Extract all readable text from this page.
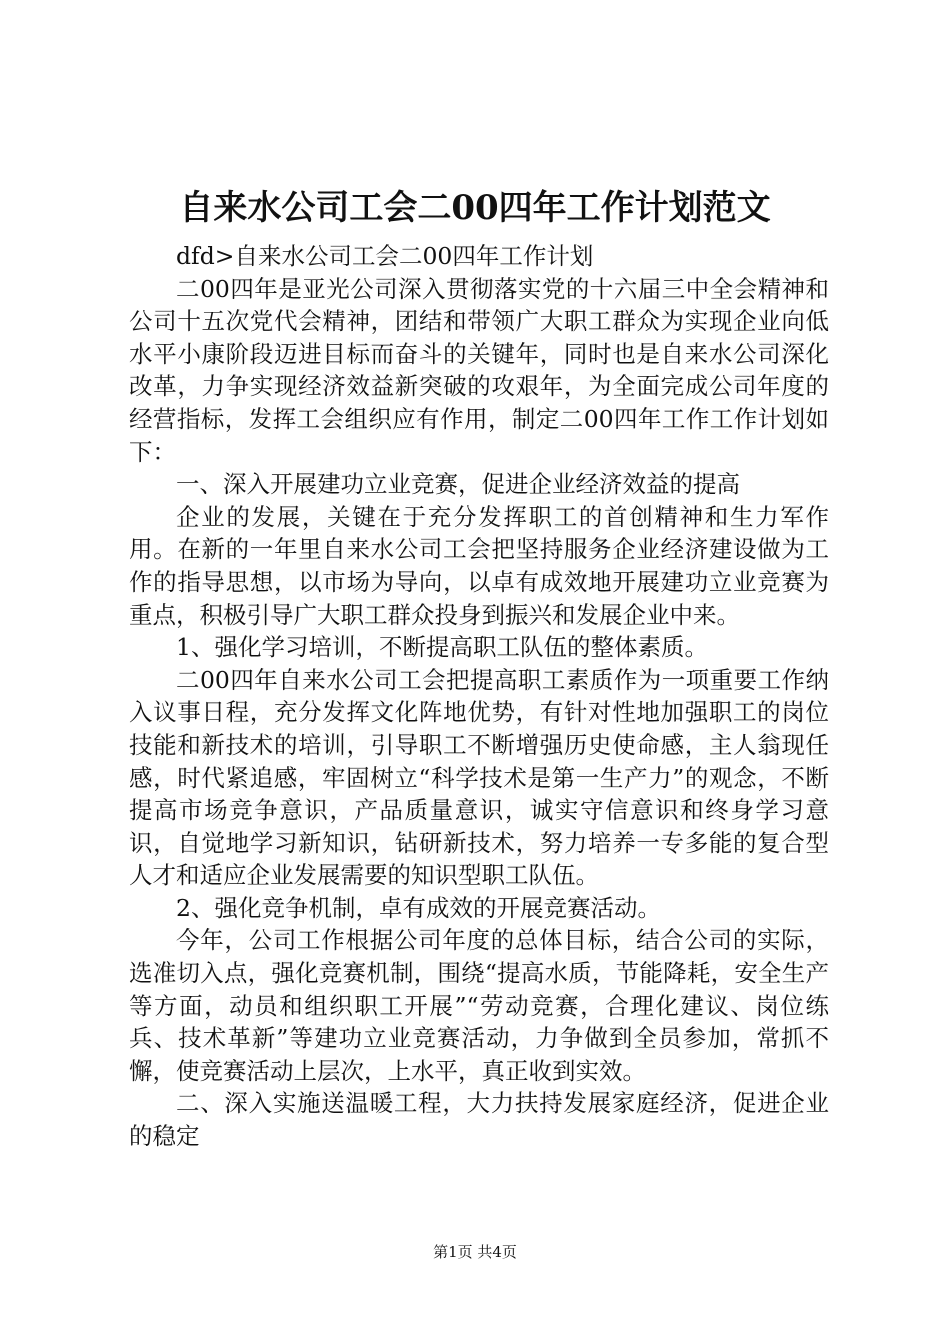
自来水公司工会二00四年工作计划范文

dfd>自来水公司工会二00四年工作计划

二00四年是亚光公司深入贯彻落实党的十六届三中全会精神和公司十五次党代会精神，团结和带领广大职工群众为实现企业向低水平小康阶段迈进目标而奋斗的关键年，同时也是自来水公司深化改革，力争实现经济效益新突破的攻艰年，为全面完成公司年度的经营指标，发挥工会组织应有作用，制定二00四年工作工作计划如下：

一、深入开展建功立业竞赛，促进企业经济效益的提高

企业的发展，关键在于充分发挥职工的首创精神和生力军作用。在新的一年里自来水公司工会把坚持服务企业经济建设做为工作的指导思想，以市场为导向，以卓有成效地开展建功立业竞赛为重点，积极引导广大职工群众投身到振兴和发展企业中来。

1、强化学习培训，不断提高职工队伍的整体素质。

二00四年自来水公司工会把提高职工素质作为一项重要工作纳入议事日程，充分发挥文化阵地优势，有针对性地加强职工的岗位技能和新技术的培训，引导职工不断增强历史使命感，主人翁现任感，时代紧追感，牢固树立“科学技术是第一生产力”的观念，不断提高市场竞争意识，产品质量意识，诚实守信意识和终身学习意识，自觉地学习新知识，钻研新技术，努力培养一专多能的复合型人才和适应企业发展需要的知识型职工队伍。

2、强化竞争机制，卓有成效的开展竞赛活动。

今年，公司工作根据公司年度的总体目标，结合公司的实际，选准切入点，强化竞赛机制，围绕“提高水质，节能降耗，安全生产等方面，动员和组织职工开展”“劳动竞赛，合理化建议、岗位练兵、技术革新”等建功立业竞赛活动，力争做到全员参加，常抓不懈，使竞赛活动上层次，上水平，真正收到实效。

二、深入实施送温暖工程，大力扶持发展家庭经济，促进企业的稳定

第1页 共4页
